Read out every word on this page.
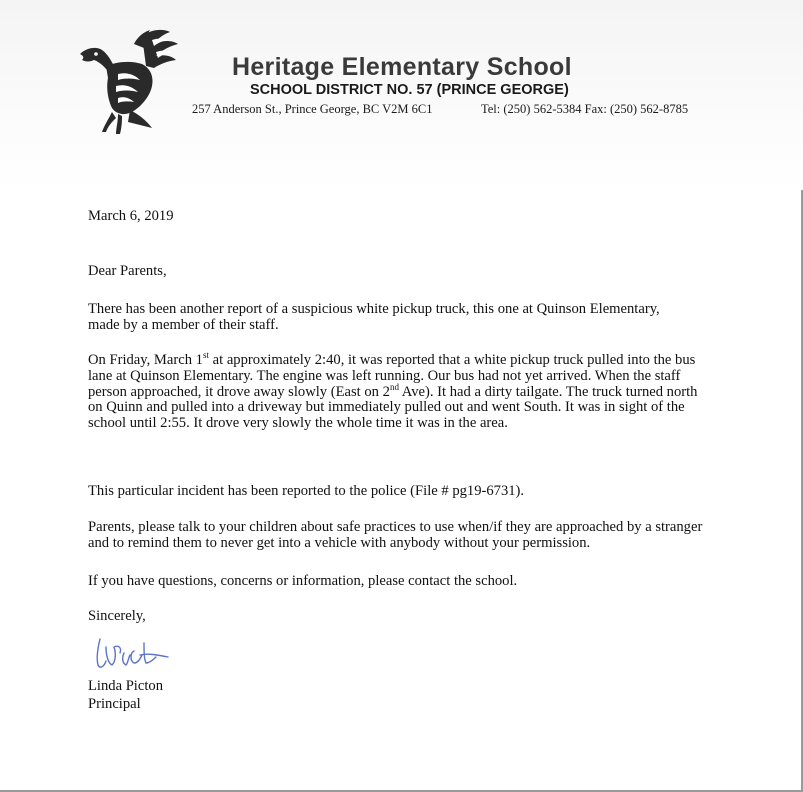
Heritage Elementary School
SCHOOL DISTRICT NO. 57 (PRINCE GEORGE)
257 Anderson St., Prince George, BC V2M 6C1	Tel: (250) 562-5384 Fax: (250) 562-8785
March 6, 2019
Dear Parents,

There has been another report of a suspicious white pickup truck, this one at Quinson Elementary, made by a member of their staff.

On Friday, March 1st at approximately 2:40, it was reported that a white pickup truck pulled into the bus lane at Quinson Elementary. The engine was left running. Our bus had not yet arrived. When the staff person approached, it drove away slowly (East on 2nd Ave). It had a dirty tailgate. The truck turned north on Quinn and pulled into a driveway but immediately pulled out and went South. It was in sight of the school until 2:55. It drove very slowly the whole time it was in the area.

This particular incident has been reported to the police (File # pg19-6731).

Parents, please talk to your children about safe practices to use when/if they are approached by a stranger and to remind them to never get into a vehicle with anybody without your permission.

If you have questions, concerns or information, please contact the school.

Sincerely,
Linda Picton
Principal
